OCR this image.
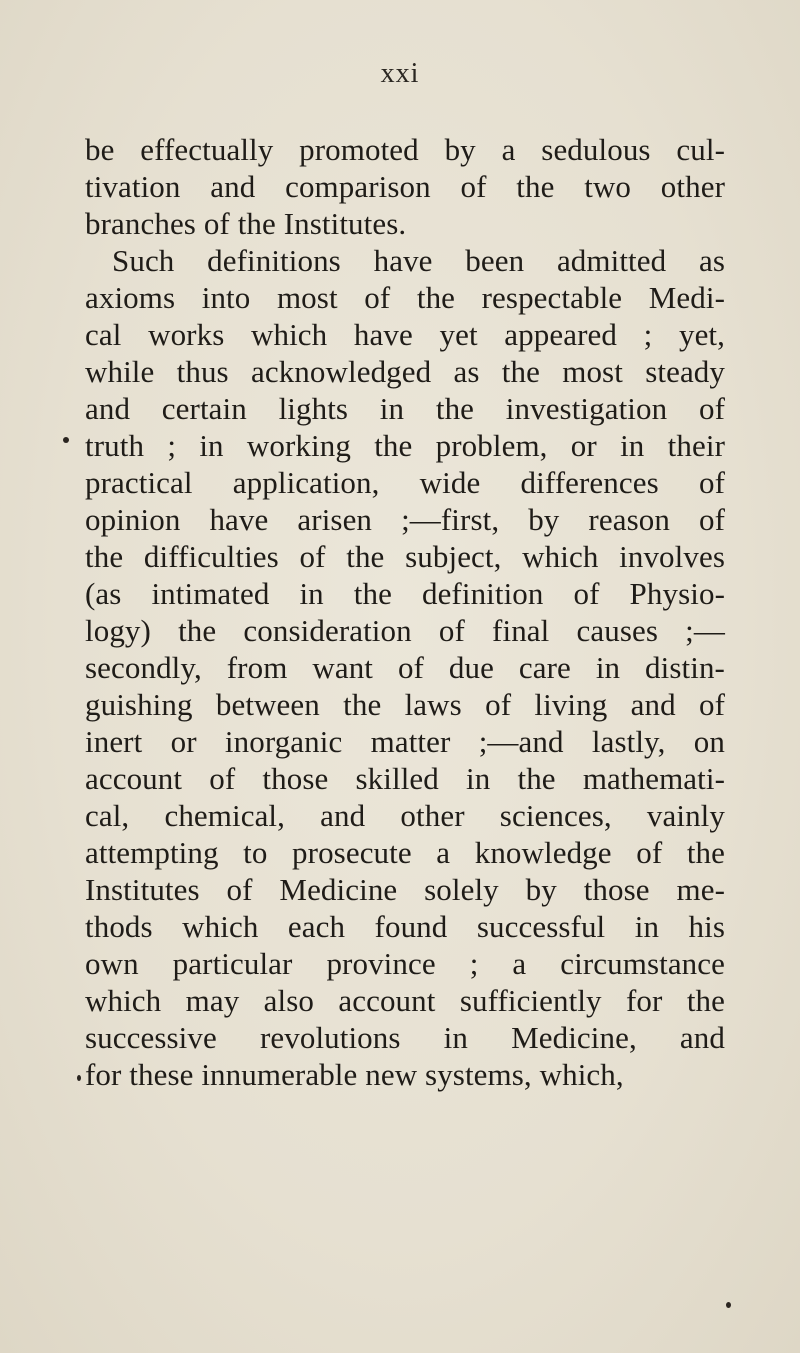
xxi
be effectually promoted by a sedulous cul-
tivation and comparison of the two other
branches of the Institutes.
Such definitions have been admitted as
axioms into most of the respectable Medi-
cal works which have yet appeared ; yet,
while thus acknowledged as the most steady
and certain lights in the investigation of
truth ; in working the problem, or in their
practical application, wide differences of
opinion have arisen ;—first, by reason of
the difficulties of the subject, which involves
(as intimated in the definition of Physio-
logy) the consideration of final causes ;—
secondly, from want of due care in distin-
guishing between the laws of living and of
inert or inorganic matter ;—and lastly, on
account of those skilled in the mathemati-
cal, chemical, and other sciences, vainly
attempting to prosecute a knowledge of the
Institutes of Medicine solely by those me-
thods which each found successful in his
own particular province ; a circumstance
which may also account sufficiently for the
successive revolutions in Medicine, and
for these innumerable new systems, which,
